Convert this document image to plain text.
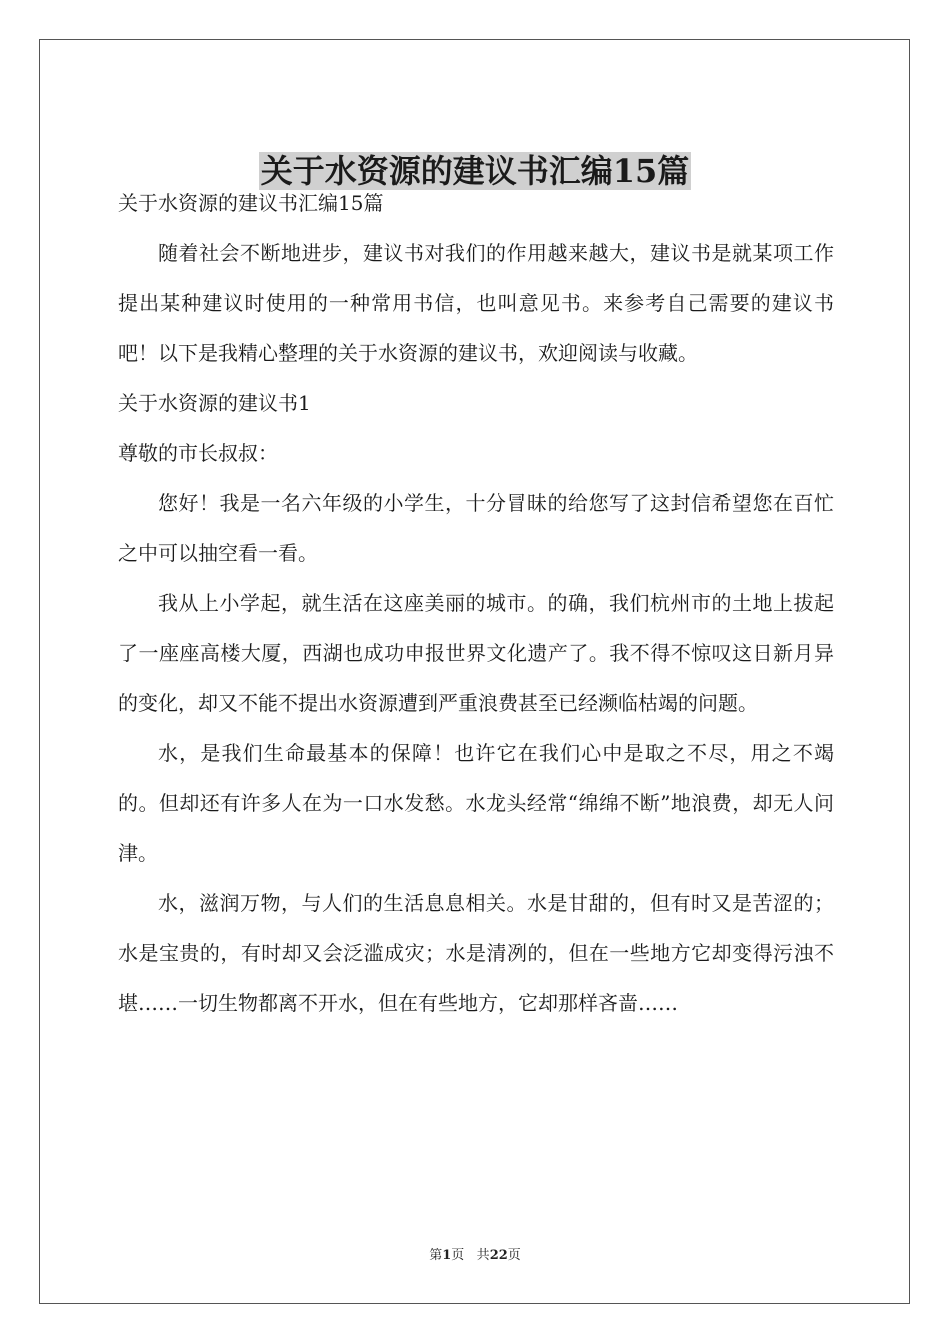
关于水资源的建议书汇编15篇

关于水资源的建议书汇编15篇

随着社会不断地进步，建议书对我们的作用越来越大，建议书是就某项工作提出某种建议时使用的一种常用书信，也叫意见书。来参考自己需要的建议书吧！以下是我精心整理的关于水资源的建议书，欢迎阅读与收藏。

关于水资源的建议书1

尊敬的市长叔叔：

您好！我是一名六年级的小学生，十分冒昧的给您写了这封信希望您在百忙之中可以抽空看一看。

我从上小学起，就生活在这座美丽的城市。的确，我们杭州市的土地上拔起了一座座高楼大厦，西湖也成功申报世界文化遗产了。我不得不惊叹这日新月异的变化，却又不能不提出水资源遭到严重浪费甚至已经濒临枯竭的问题。

水，是我们生命最基本的保障！也许它在我们心中是取之不尽，用之不竭的。但却还有许多人在为一口水发愁。水龙头经常“绵绵不断”地浪费，却无人问津。

水，滋润万物，与人们的生活息息相关。水是甘甜的，但有时又是苦涩的；水是宝贵的，有时却又会泛滥成灾；水是清冽的，但在一些地方它却变得污浊不堪……一切生物都离不开水，但在有些地方，它却那样吝啬……

第1页 共22页
